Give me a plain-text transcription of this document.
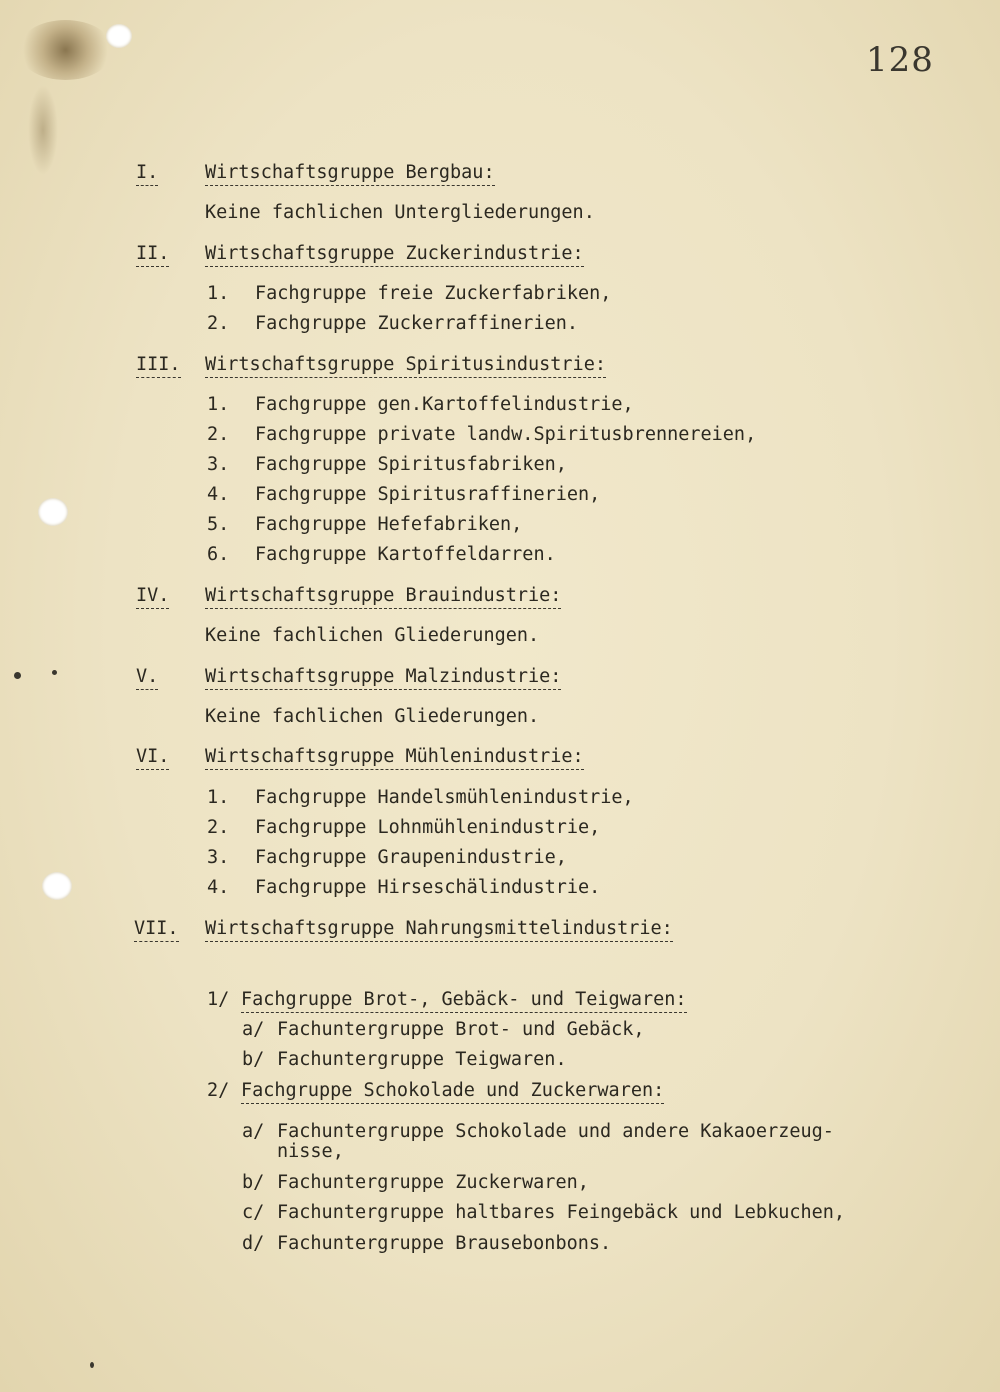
128
I.	Wirtschaftsgruppe Bergbau:
Keine fachlichen Untergliederungen.
II. Wirtschaftsgruppe Zuckerindustrie:
1. Fachgruppe freie Zuckerfabriken,
2. Fachgruppe Zuckerraffinerien.
III. Wirtschaftsgruppe Spiritusindustrie:
1. Fachgruppe gen.Kartoffelindustrie,
2. Fachgruppe private landw.Spiritusbrennereien,
3. Fachgruppe Spiritusfabriken,
4. Fachgruppe Spiritusraffinerien,
5. Fachgruppe Hefefabriken,
6. Fachgruppe Kartoffeldarren.
IV. Wirtschaftsgruppe Brauindustrie:
Keine fachlichen Gliederungen.
V.	Wirtschaftsgruppe Malzindustrie:
Keine fachlichen Gliederungen.
VI. Wirtschaftsgruppe Mühlenindustrie:
1. Fachgruppe Handelsmühlenindustrie,
2. Fachgruppe Lohnmühlenindustrie,
3. Fachgruppe Graupenindustrie,
4. Fachgruppe Hirseschälindustrie.
VII. Wirtschaftsgruppe Nahrungsmittelindustrie:
1/ Fachgruppe Brot-, Gebäck- und Teigwaren:
a/ Fachuntergruppe Brot- und Gebäck,
b/ Fachuntergruppe Teigwaren.
2/ Fachgruppe Schokolade und Zuckerwaren:
a/ Fachuntergruppe Schokolade und andere Kakaoerzeug-
nisse,
b/ Fachuntergruppe Zuckerwaren,
c/ Fachuntergruppe haltbares Feingebäck und Lebkuchen,
d/ Fachuntergruppe Brausebonbons.
